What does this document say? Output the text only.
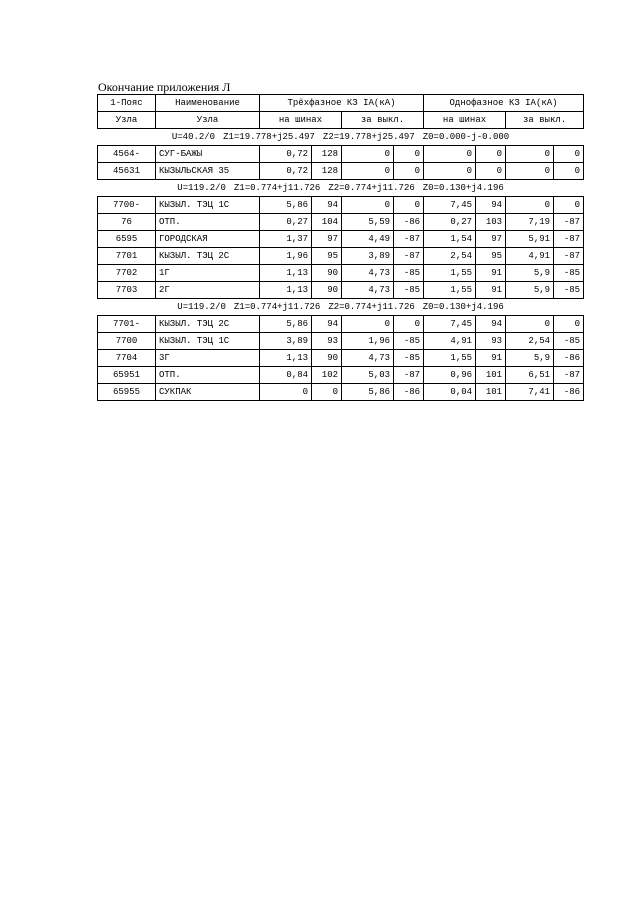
Окончание приложения Л
1-Пояс	Наименование	Трёхфазное КЗ IA(кА)				Однофазное КЗ IA(кА)			
Узла	Узла	на шинах		за выкл.		на шинах		за выкл.	
U=40.2/0 Z1=19.778+j25.497 Z2=19.778+j25.497 Z0=0.000-j-0.000									
4564-	СУГ-БАЖЫ	0,72	128	0	0	0	0	0	0
45631	КЫЗЫЛЬСКАЯ 35	0,72	128	0	0	0	0	0	0
U=119.2/0 Z1=0.774+j11.726 Z2=0.774+j11.726 Z0=0.130+j4.196									
7700-	КЫЗЫЛ. ТЭЦ 1С	5,86	94	0	0	7,45	94	0	0
76	ОТП.	0,27	104	5,59	-86	0,27	103	7,19	-87
6595	ГОРОДСКАЯ	1,37	97	4,49	-87	1,54	97	5,91	-87
7701	КЫЗЫЛ. ТЭЦ 2С	1,96	95	3,89	-87	2,54	95	4,91	-87
7702	1Г	1,13	90	4,73	-85	1,55	91	5,9	-85
7703	2Г	1,13	90	4,73	-85	1,55	91	5,9	-85
U=119.2/0 Z1=0.774+j11.726 Z2=0.774+j11.726 Z0=0.130+j4.196									
7701-	КЫЗЫЛ. ТЭЦ 2С	5,86	94	0	0	7,45	94	0	0
7700	КЫЗЫЛ. ТЭЦ 1С	3,89	93	1,96	-85	4,91	93	2,54	-85
7704	3Г	1,13	90	4,73	-85	1,55	91	5,9	-86
65951	ОТП.	0,84	102	5,03	-87	0,96	101	6,51	-87
65955	СУКПАК	0	0	5,86	-86	0,04	101	7,41	-86
